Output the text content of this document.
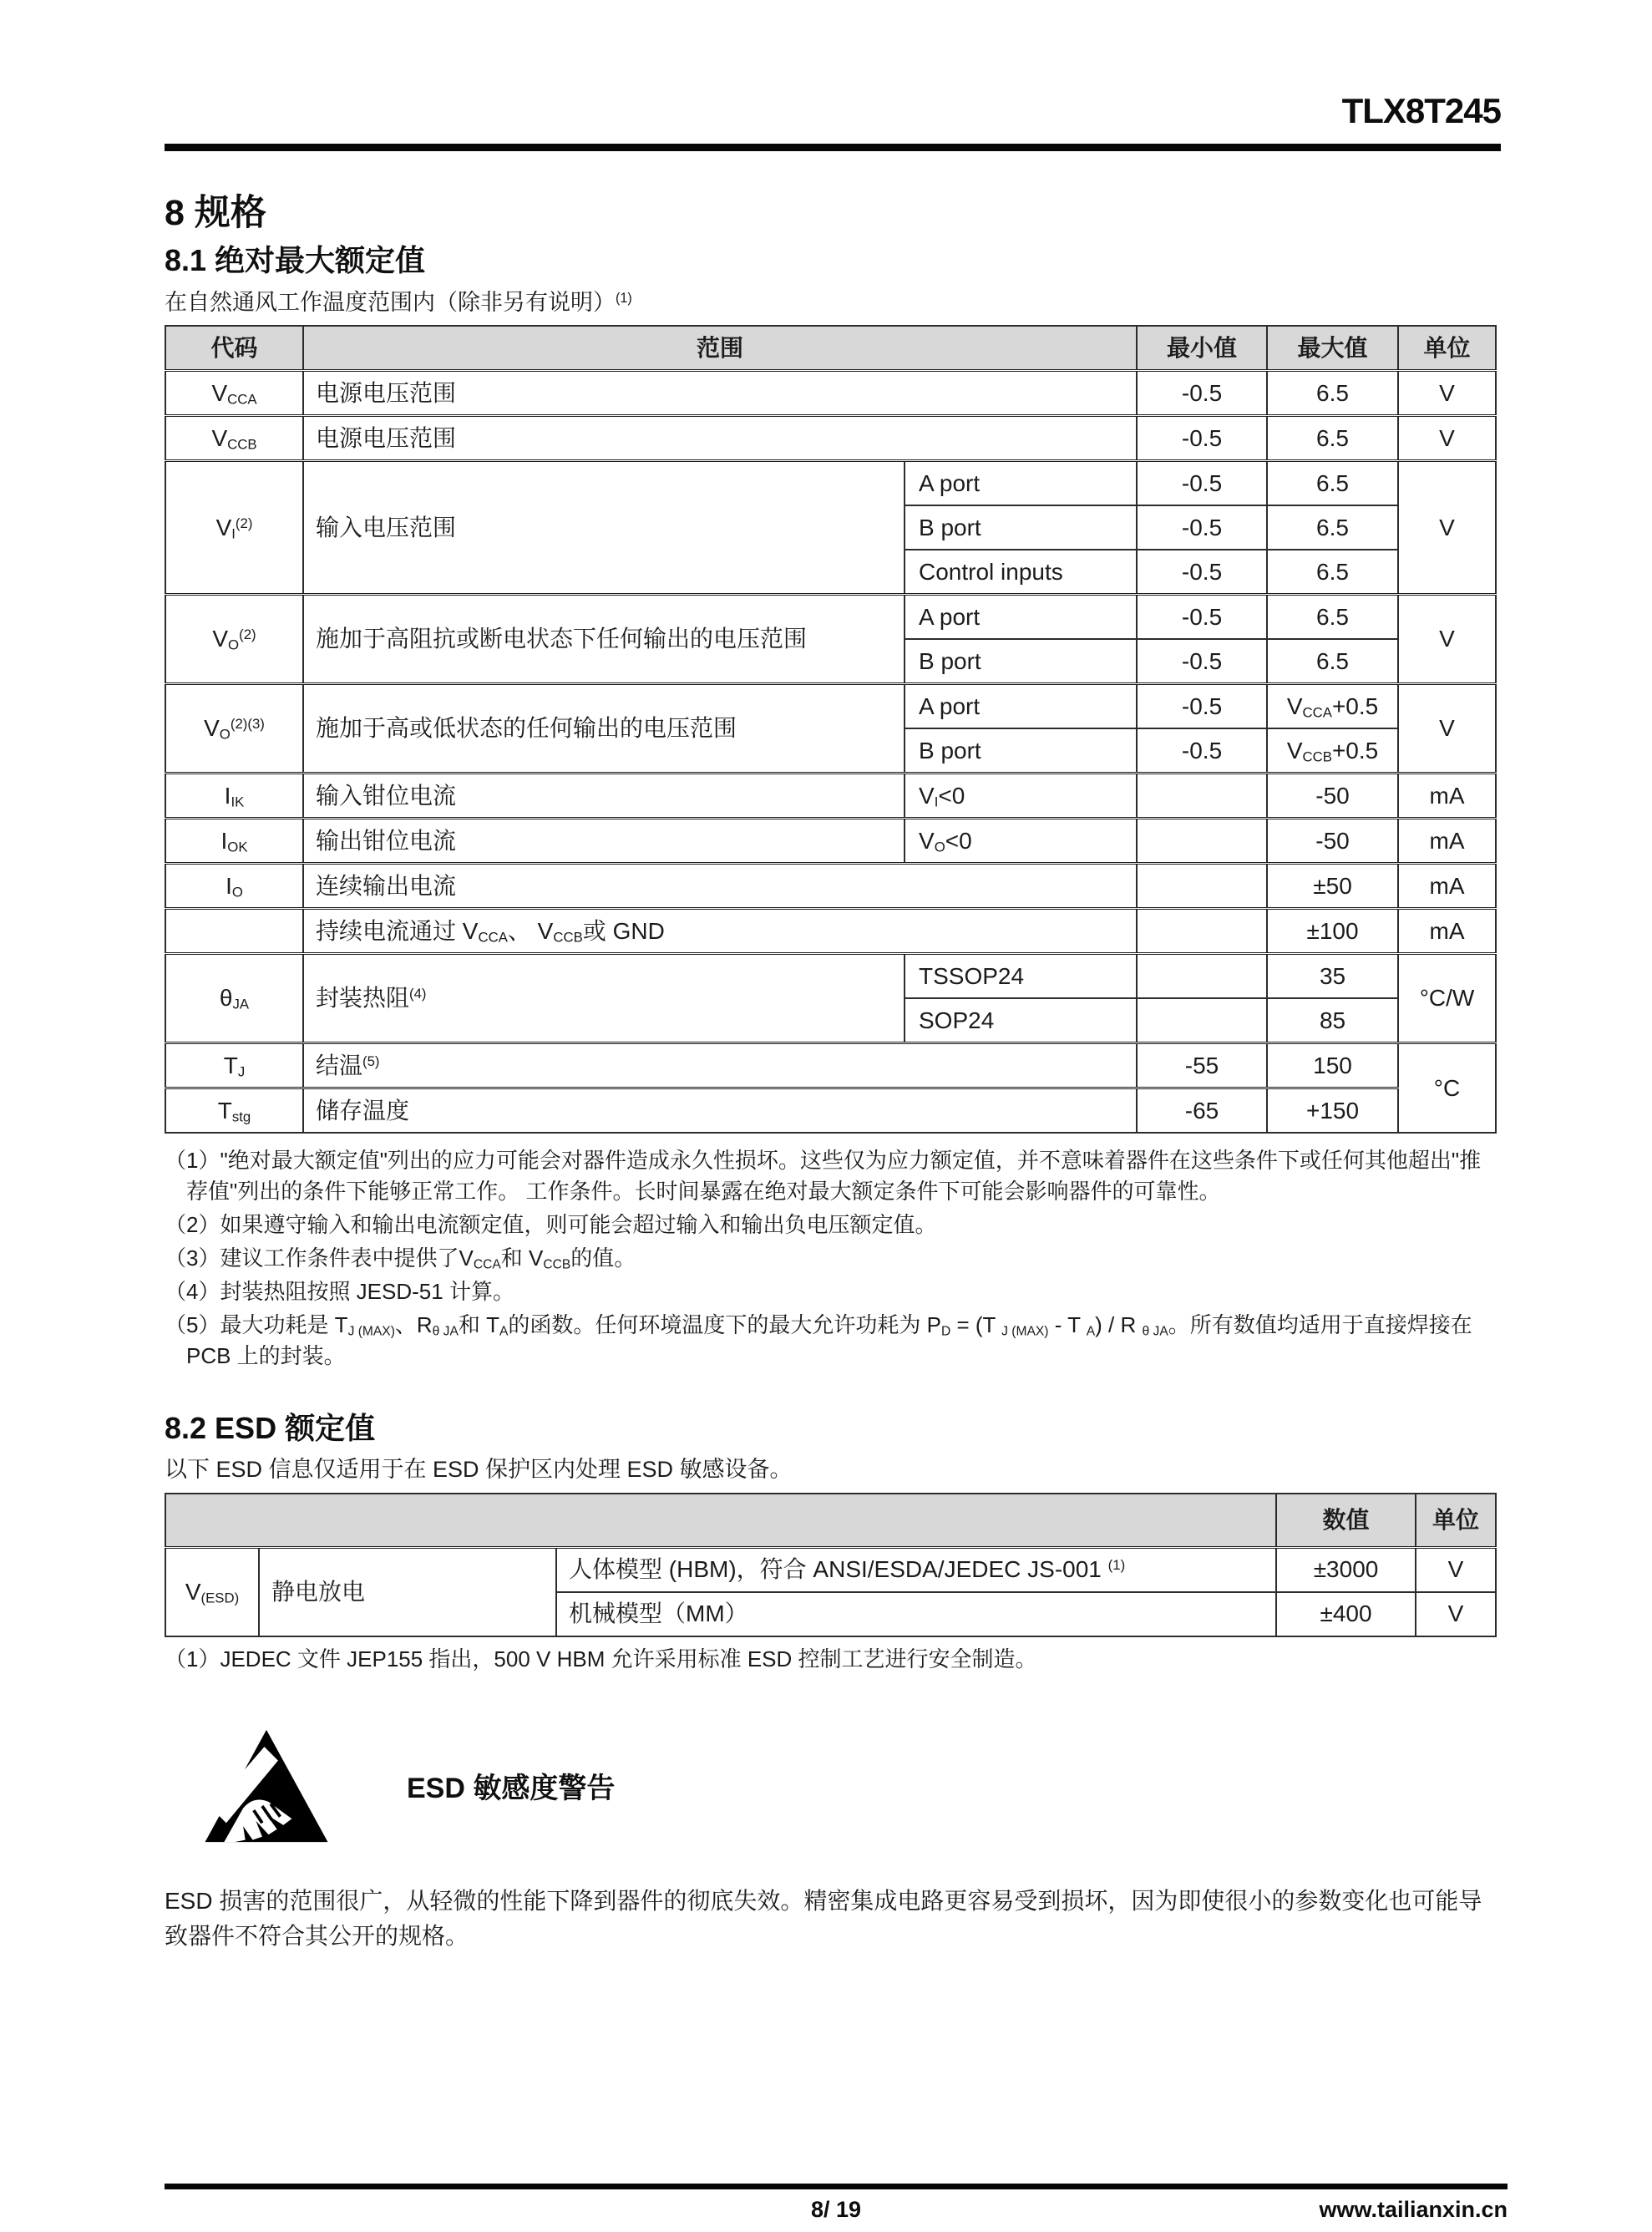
TLX8T245
8 规格
8.1 绝对最大额定值
在自然通风工作温度范围内（除非另有说明）$^{(1)}$
代码	范围		最小值	最大值	单位
$V_{CCA}$	电源电压范围		-0.5	6.5	V
$V_{CCB}$	电源电压范围		-0.5	6.5	V
$V_I^{(2)}$	输入电压范围	A port	-0.5	6.5	V
		B port	-0.5	6.5	
		Control inputs	-0.5	6.5	
$V_O^{(2)}$	施加于高阻抗或断电状态下任何输出的电压范围	A port	-0.5	6.5	V
		B port	-0.5	6.5	
$V_O^{(2)(3)}$	施加于高或低状态的任何输出的电压范围	A port	-0.5	$V_{CCA}+0.5$	V
		B port	-0.5	$V_{CCB}+0.5$	
$I_{IK}$	输入钳位电流	$V_I<0$		-50	mA
$I_{OK}$	输出钳位电流	$V_O<0$		-50	mA
$I_O$	连续输出电流			±50	mA
	持续电流通过 $V_{CCA}$、 $V_{CCB}$或 GND			±100	mA
$\theta_{JA}$	封装热阻$^{(4)}$	TSSOP24		35	°C/W
		SOP24		85	
$T_J$	结温$^{(5)}$		-55	150	°C
$T_{stg}$	储存温度		-65	+150	
（1）"绝对最大额定值"列出的应力可能会对器件造成永久性损坏。这些仅为应力额定值，并不意味着器件在这些条件下或任何其他超出"推荐值"列出的条件下能够正常工作。 工作条件。长时间暴露在绝对最大额定条件下可能会影响器件的可靠性。
（2）如果遵守输入和输出电流额定值，则可能会超过输入和输出负电压额定值。
（3）建议工作条件表中提供了$V_{CCA}$和 $V_{CCB}$的值。
（4）封装热阻按照 JESD-51 计算。
（5）最大功耗是 $T_{J (MAX)}$、$R_{\theta JA}$和 $T_A$的函数。任何环境温度下的最大允许功耗为 $P_D = (T$ $_{J (MAX)}$ - T $_A$) / R $_{\theta JA}$。所有数值均适用于直接焊接在 PCB 上的封装。
8.2 ESD 额定值
以下 ESD 信息仅适用于在 ESD 保护区内处理 ESD 敏感设备。
			数值	单位
$V_{(ESD)}$	静电放电	人体模型 (HBM)，符合 ANSI/ESDA/JEDEC JS-001 $^{(1)}$	±3000	V
		机械模型（MM）	±400	V
（1）JEDEC 文件 JEP155 指出，500 V HBM 允许采用标准 ESD 控制工艺进行安全制造。
ESD 敏感度警告
ESD 损害的范围很广，从轻微的性能下降到器件的彻底失效。精密集成电路更容易受到损坏，因为即使很小的参数变化也可能导致器件不符合其公开的规格。
8/ 19	www.tailianxin.cn
